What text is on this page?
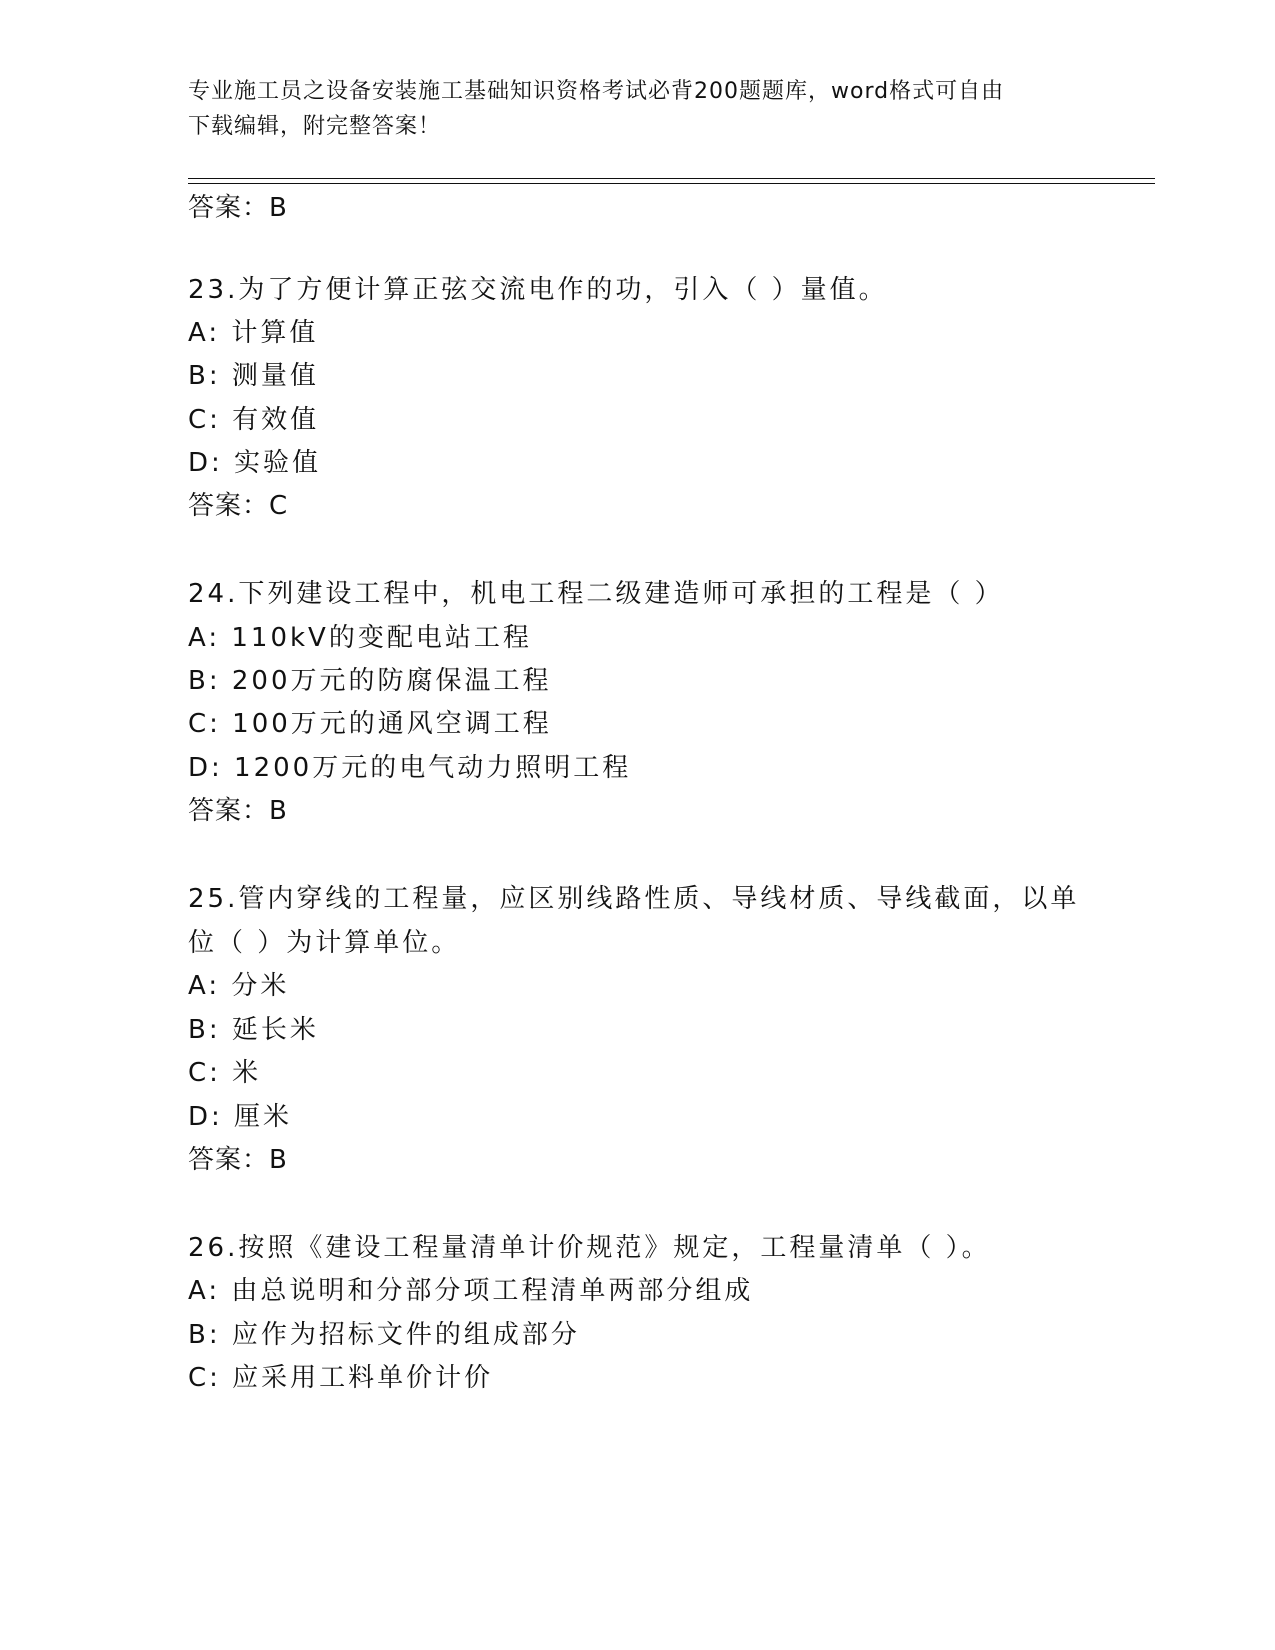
专业施工员之设备安装施工基础知识资格考试必背200题题库，word格式可自由
下载编辑，附完整答案！
答案：B
23.为了方便计算正弦交流电作的功，引入（ ）量值。
A: 计算值
B: 测量值
C: 有效值
D: 实验值
答案：C
24.下列建设工程中，机电工程二级建造师可承担的工程是（ ）
A: 110kV的变配电站工程
B: 200万元的防腐保温工程
C: 100万元的通风空调工程
D: 1200万元的电气动力照明工程
答案：B
25.管内穿线的工程量，应区别线路性质、导线材质、导线截面，以单
位（ ）为计算单位。
A: 分米
B: 延长米
C: 米
D: 厘米
答案：B
26.按照《建设工程量清单计价规范》规定，工程量清单（ ）。
A: 由总说明和分部分项工程清单两部分组成
B: 应作为招标文件的组成部分
C: 应采用工料单价计价
